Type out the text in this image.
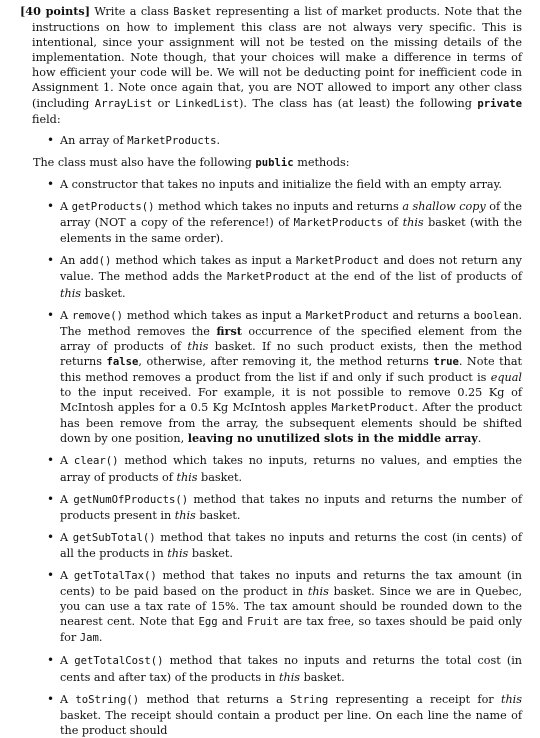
[40 points] Write a class Basket representing a list of market products. Note that the instructions on how to implement this class are not always very specific. This is intentional, since your assignment will not be tested on the missing details of the implementation. Note though, that your choices will make a difference in terms of how efficient your code will be. We will not be deducting point for inefficient code in Assignment 1. Note once again that, you are NOT allowed to import any other class (including ArrayList or LinkedList). The class has (at least) the following private field:

• An array of MarketProducts.

The class must also have the following public methods:

• A constructor that takes no inputs and initialize the field with an empty array.
• A getProducts() method which takes no inputs and returns a shallow copy of the array (NOT a copy of the reference!) of MarketProducts of this basket (with the elements in the same order).
• An add() method which takes as input a MarketProduct and does not return any value. The method adds the MarketProduct at the end of the list of products of this basket.
• A remove() method which takes as input a MarketProduct and returns a boolean. The method removes the first occurrence of the specified element from the array of products of this basket. If no such product exists, then the method returns false, otherwise, after removing it, the method returns true. Note that this method removes a product from the list if and only if such product is equal to the input received. For example, it is not possible to remove 0.25 Kg of McIntosh apples for a 0.5 Kg McIntosh apples MarketProduct. After the product has been remove from the array, the subsequent elements should be shifted down by one position, leaving no unutilized slots in the middle array.
• A clear() method which takes no inputs, returns no values, and empties the array of products of this basket.
• A getNumOfProducts() method that takes no inputs and returns the number of products present in this basket.
• A getSubTotal() method that takes no inputs and returns the cost (in cents) of all the products in this basket.
• A getTotalTax() method that takes no inputs and returns the tax amount (in cents) to be paid based on the product in this basket. Since we are in Quebec, you can use a tax rate of 15%. The tax amount should be rounded down to the nearest cent. Note that Egg and Fruit are tax free, so taxes should be paid only for Jam.
• A getTotalCost() method that takes no inputs and returns the total cost (in cents and after tax) of the products in this basket.
• A toString() method that returns a String representing a receipt for this basket. The receipt should contain a product per line. On each line the name of the product should
